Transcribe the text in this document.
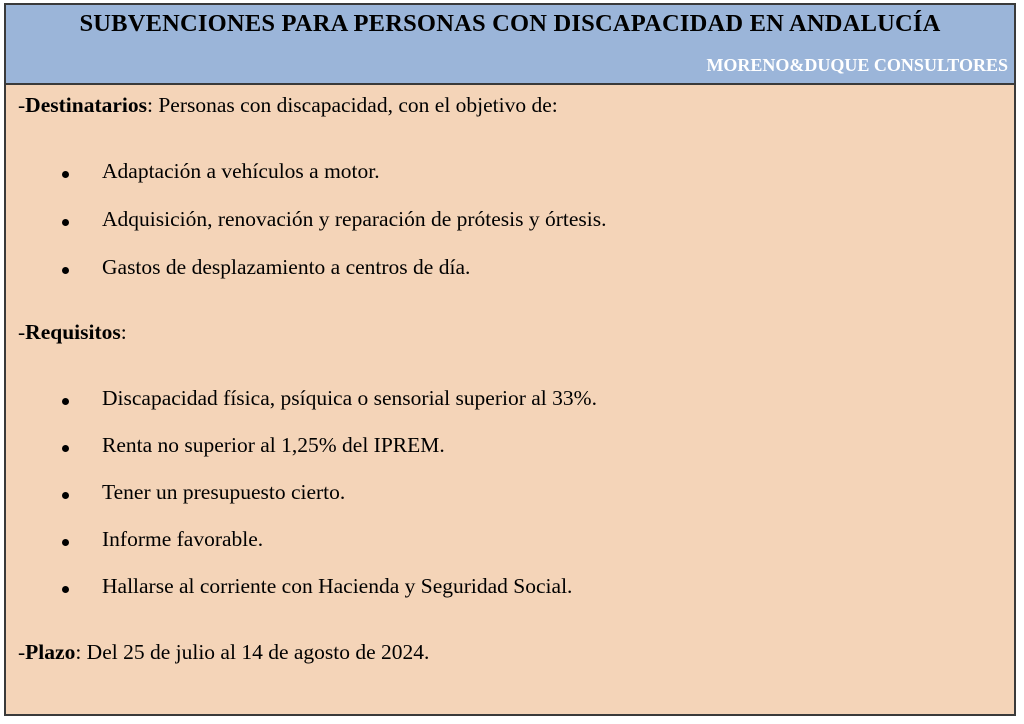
SUBVENCIONES PARA PERSONAS CON DISCAPACIDAD EN ANDALUCÍA
MORENO&DUQUE CONSULTORES
-Destinatarios: Personas con discapacidad, con el objetivo de:
Adaptación a vehículos a motor.
Adquisición, renovación y reparación de prótesis y órtesis.
Gastos de desplazamiento a centros de día.
-Requisitos:
Discapacidad física, psíquica o sensorial superior al 33%.
Renta no superior al 1,25% del IPREM.
Tener un presupuesto cierto.
Informe favorable.
Hallarse al corriente con Hacienda y Seguridad Social.
-Plazo: Del 25 de julio al 14 de agosto de 2024.
